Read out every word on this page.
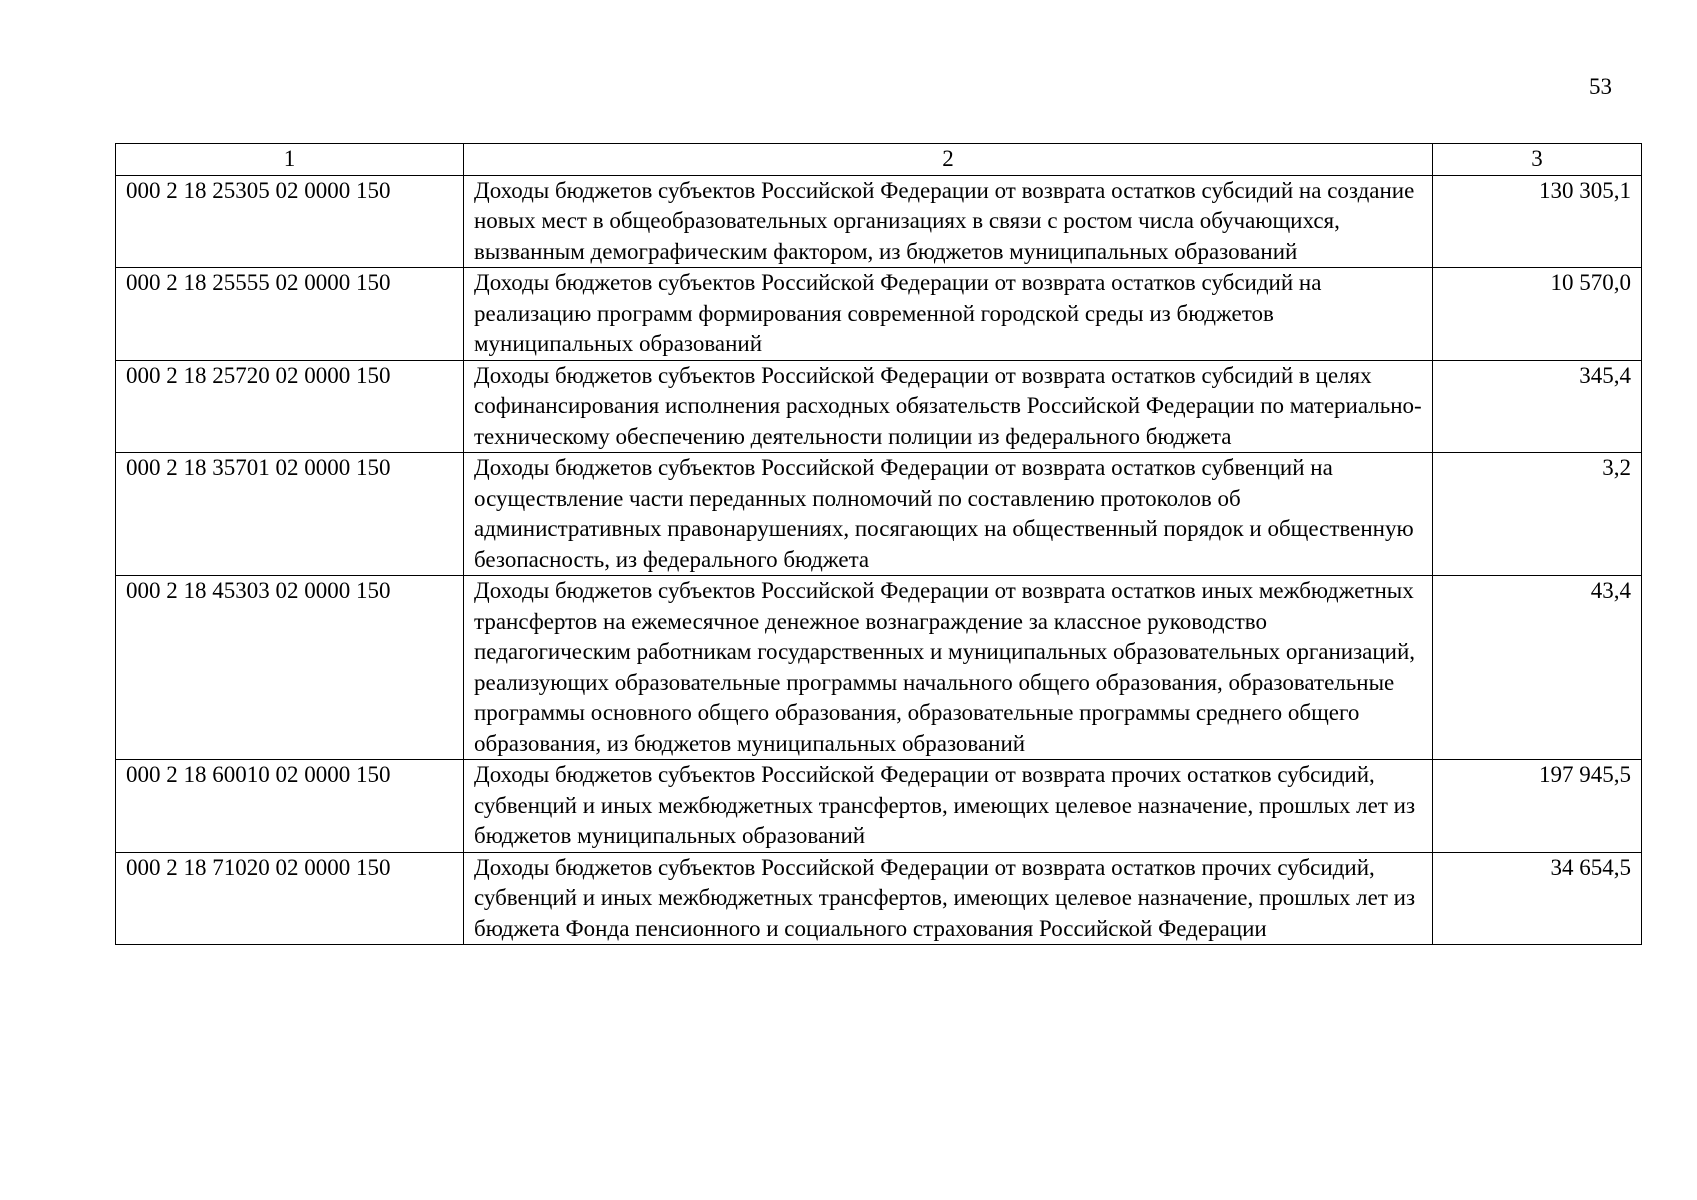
53
1	2	3
000 2 18 25305 02 0000 150	Доходы бюджетов субъектов Российской Федерации от возврата остатков субсидий на создание новых мест в общеобразовательных организациях в связи с ростом числа обучающихся, вызванным демографическим фактором, из бюджетов муниципальных образований	130 305,1
000 2 18 25555 02 0000 150	Доходы бюджетов субъектов Российской Федерации от возврата остатков субсидий на реализацию программ формирования современной городской среды из бюджетов муниципальных образований	10 570,0
000 2 18 25720 02 0000 150	Доходы бюджетов субъектов Российской Федерации от возврата остатков субсидий в целях софинансирования исполнения расходных обязательств Российской Федерации по материально-техническому обеспечению деятельности полиции из федерального бюджета	345,4
000 2 18 35701 02 0000 150	Доходы бюджетов субъектов Российской Федерации от возврата остатков субвенций на осуществление части переданных полномочий по составлению протоколов об административных правонарушениях, посягающих на общественный порядок и общественную безопасность, из федерального бюджета	3,2
000 2 18 45303 02 0000 150	Доходы бюджетов субъектов Российской Федерации от возврата остатков иных межбюджетных трансфертов на ежемесячное денежное вознаграждение за классное руководство педагогическим работникам государственных и муниципальных образовательных организаций, реализующих образовательные программы начального общего образования, образовательные программы основного общего образования, образовательные программы среднего общего образования, из бюджетов муниципальных образований	43,4
000 2 18 60010 02 0000 150	Доходы бюджетов субъектов Российской Федерации от возврата прочих остатков субсидий, субвенций и иных межбюджетных трансфертов, имеющих целевое назначение, прошлых лет из бюджетов муниципальных образований	197 945,5
000 2 18 71020 02 0000 150	Доходы бюджетов субъектов Российской Федерации от возврата остатков прочих субсидий, субвенций и иных межбюджетных трансфертов, имеющих целевое назначение, прошлых лет из бюджета Фонда пенсионного и социального страхования Российской Федерации	34 654,5
